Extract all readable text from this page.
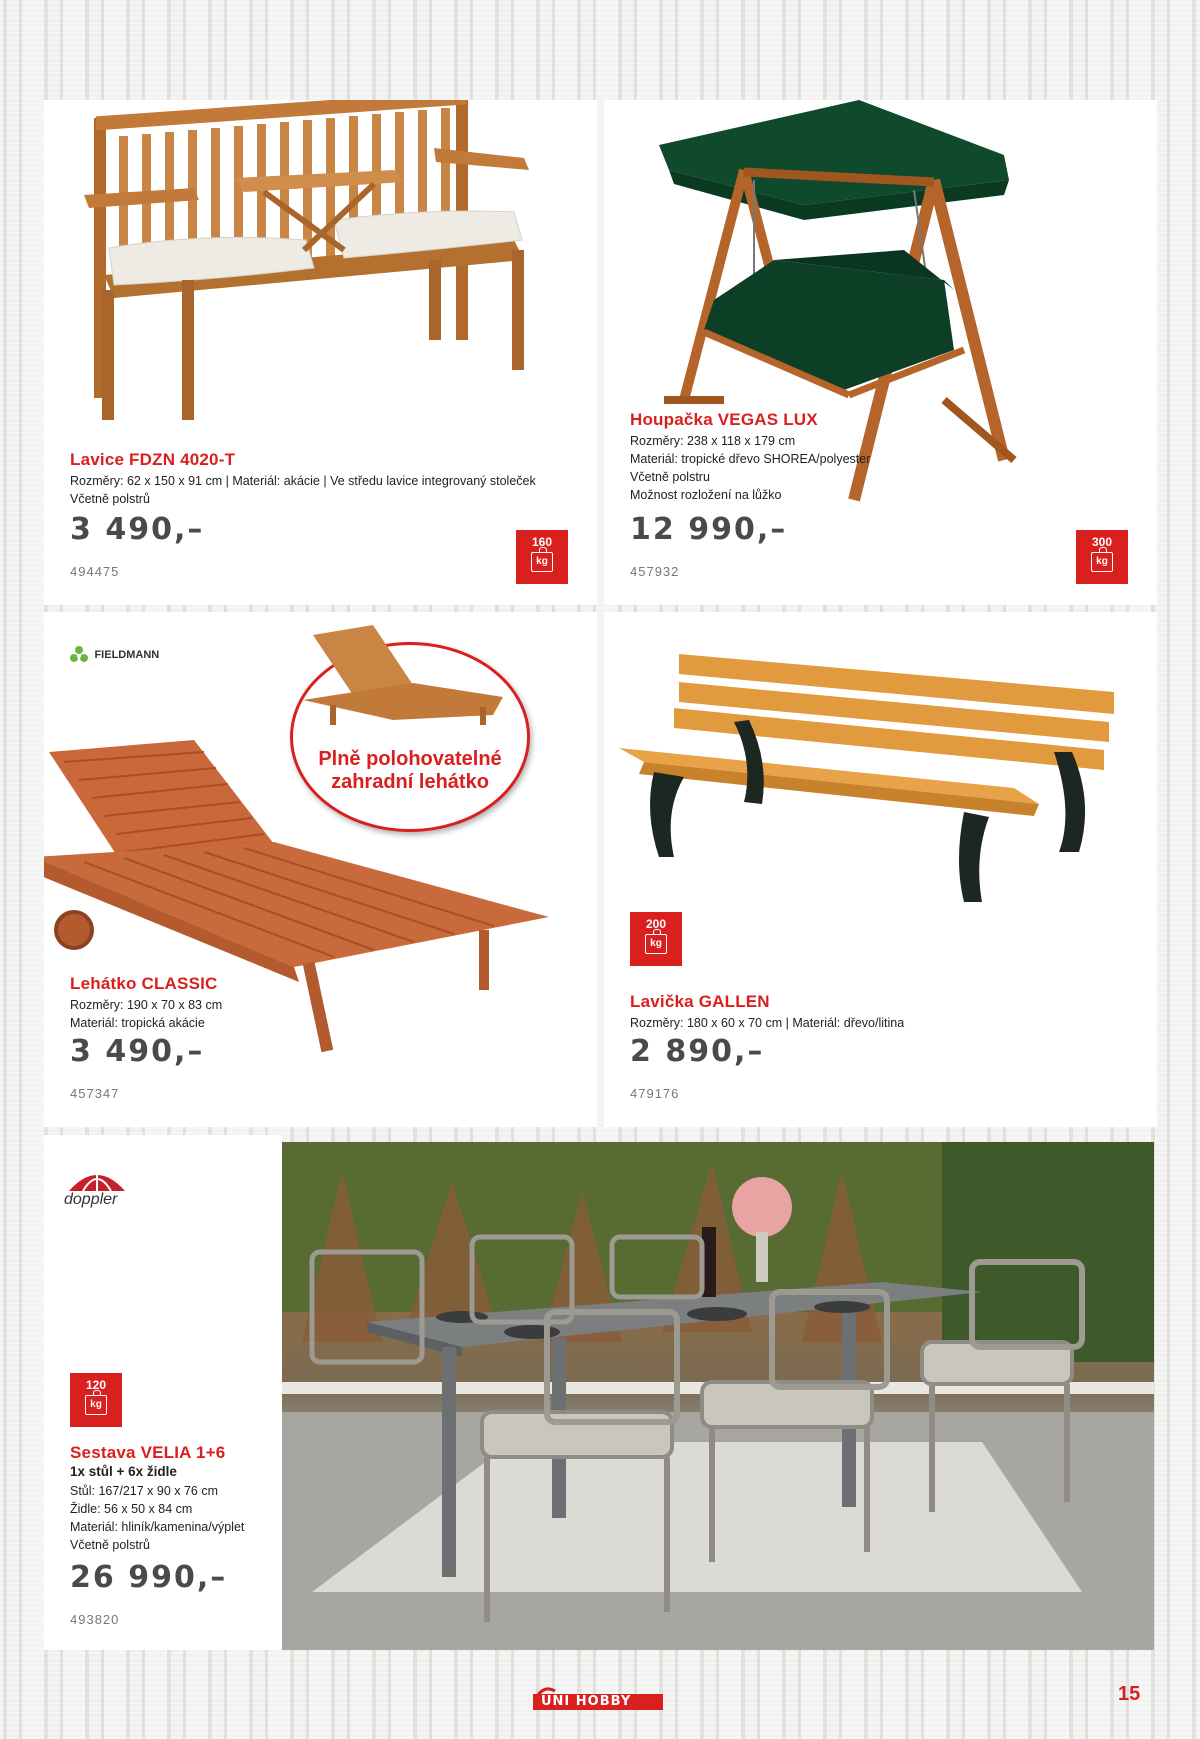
Lavice FDZN 4020-T
Rozměry: 62 x 150 x 91 cm | Materiál: akácie | Ve středu lavice integrovaný stoleček
Včetně polstrů
3 490,–
494475
160
kg
Houpačka VEGAS LUX
Rozměry: 238 x 118 x 179 cm
Materiál: tropické dřevo SHOREA/polyester
Včetně polstru
Možnost rozložení na lůžko
12 990,–
457932
300
kg
FIELDMANN
Lehátko CLASSIC
Rozměry: 190 x 70 x 83 cm
Materiál: tropická akácie
3 490,–
457347
Plně polohovatelné
zahradní lehátko
200
kg
Lavička GALLEN
Rozměry: 180 x 60 x 70 cm | Materiál: dřevo/litina
2 890,–
479176
doppler
120
kg
Sestava VELIA 1+6
1x stůl + 6x židle
Stůl: 167/217 x 90 x 76 cm
Židle: 56 x 50 x 84 cm
Materiál: hliník/kamenina/výplet
Včetně polstrů
26 990,–
493820
UNI HOBBY	15
